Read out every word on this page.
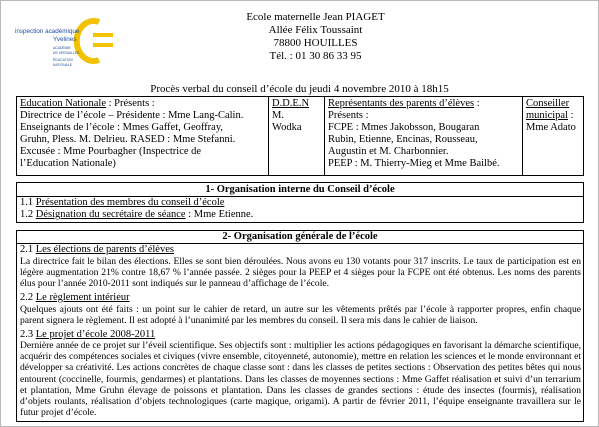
inspection académique
Yvelines
ACADÉMIE
DE VERSAILLES
ÉDUCATION
NATIONALE
Ecole maternelle Jean PIAGET
Allée Félix Toussaint
78800 HOUILLES
Tél. : 01 30 86 33 95
Procès verbal du conseil d’école du jeudi 4 novembre 2010 à 18h15
Education Nationale : Présents :
Directrice de l’école – Présidente : Mme Lang-Calin.
Enseignants de l’école : Mmes Gaffet, Geoffray,
Gruhn, Pless. M. Delrieu. RASED : Mme Stefanni.
Excusée : Mme Pourbagher (Inspectrice de
l’Education Nationale)
D.D.E.N
M.
Wodka
Représentants des parents d’élèves :
Présents :
FCPE : Mmes Jakobsson, Bougaran
Rubin, Etienne, Encinas, Rousseau,
Augustin et M. Charbonnier.
PEEP : M. Thierry-Mieg et Mme Bailbé.
Conseiller
municipal :
Mme Adato
1- Organisation interne du Conseil d’école
1.1 Présentation des membres du conseil d’école
1.2 Désignation du secrétaire de séance : Mme Etienne.
2- Organisation générale de l’école
2.1 Les élections de parents d’élèves
La directrice fait le bilan des élections. Elles se sont bien déroulées. Nous avons eu 130 votants pour 317 inscrits. Le taux de participation est en légère augmentation 21% contre 18,67 % l’année passée. 2 sièges pour la PEEP et 4 sièges pour la FCPE ont été obtenus. Les noms des parents élus pour l’année 2010-2011 sont indiqués sur le panneau d’affichage de l’école.
2.2 Le règlement intérieur
Quelques ajouts ont été faits : un point sur le cahier de retard, un autre sur les vêtements prêtés par l’école à rapporter propres, enfin chaque parent signera le règlement. Il est adopté à l’unanimité par les membres du conseil. Il sera mis dans le cahier de liaison.
2.3 Le projet d’école 2008-2011
Dernière année de ce projet sur l’éveil scientifique. Ses objectifs sont : multiplier les actions pédagogiques en favorisant la démarche scientifique, acquérir des compétences sociales et civiques (vivre ensemble, citoyenneté, autonomie), mettre en relation les sciences et le monde environnant et développer sa créativité. Les actions concrètes de chaque classe sont : dans les classes de petites sections : Observation des petites bêtes qui nous entourent (coccinelle, fourmis, gendarmes) et plantations. Dans les classes de moyennes sections : Mme Gaffet réalisation et suivi d’un terrarium et plantation, Mme Gruhn élevage de poissons et plantation. Dans les classes de grandes sections : étude des insectes (fourmis), réalisation d’objets roulants, réalisation d’objets technologiques (carte magique, origami). A partir de février 2011, l’équipe enseignante travaillera sur le futur projet d’école.
